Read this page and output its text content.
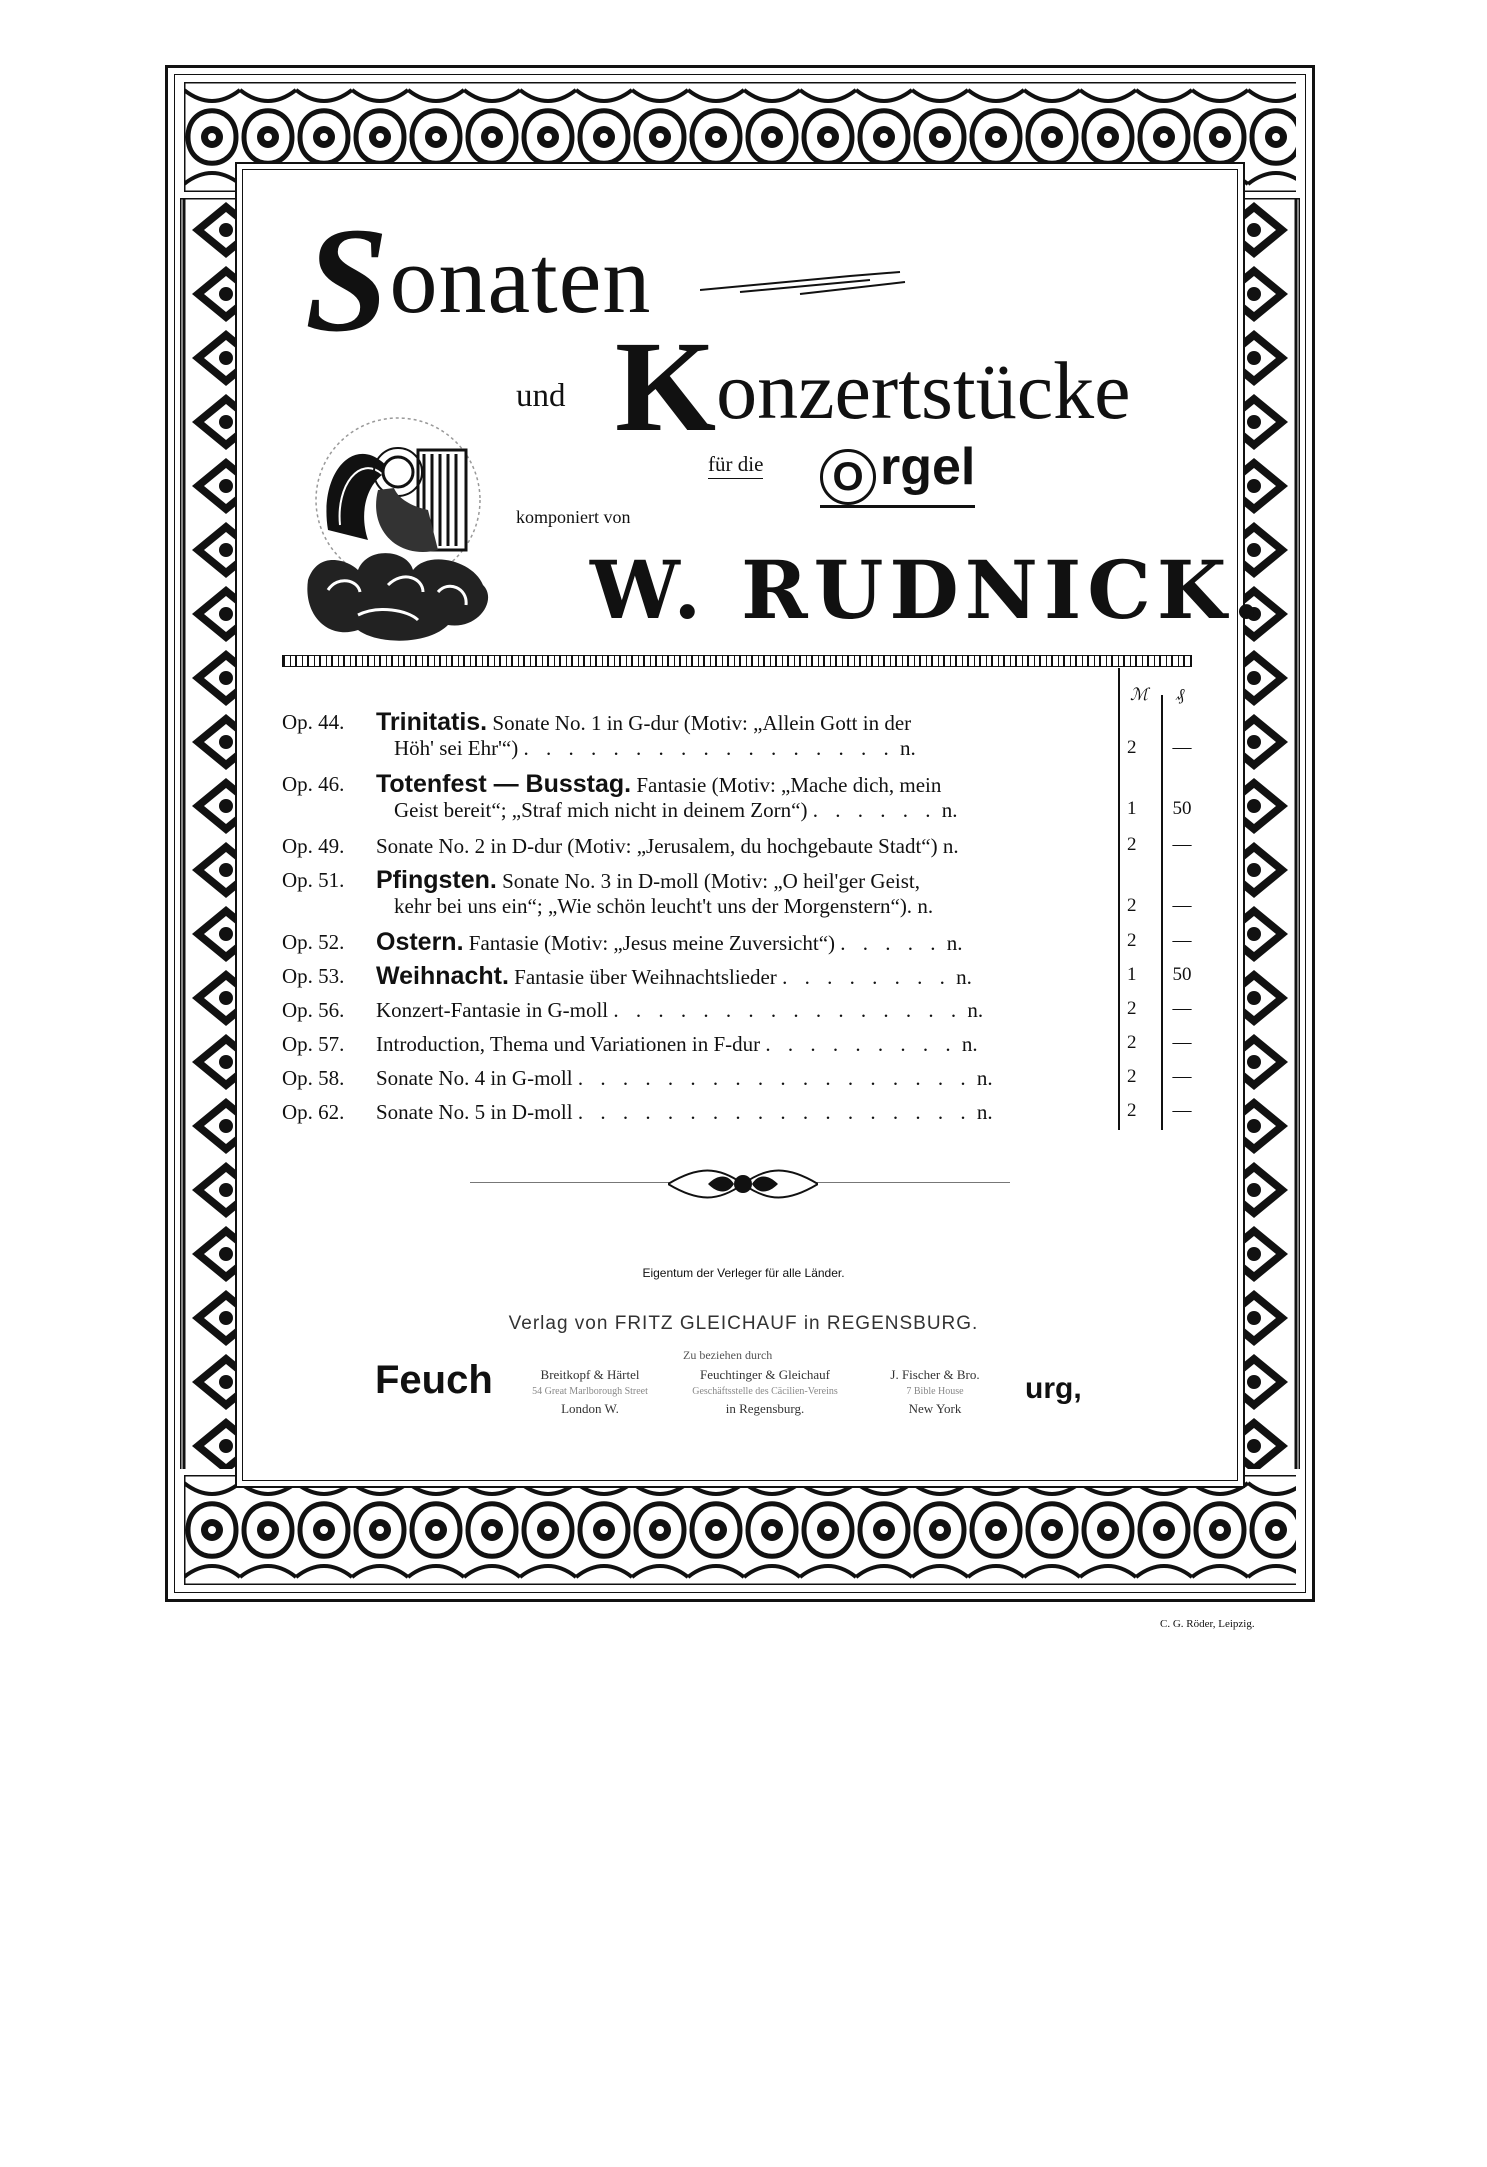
Sonaten
und Konzertstücke
für die	O rgel
komponiert von
W. RUDNICK.
ℳ ₰
Op. 44.	Trinitatis. Sonate No. 1 in G-dur (Motiv: „Allein Gott in der
Höh' sei Ehr'“) . . . . . . . . . . . . . . . . . n.	2	—
Op. 46.	Totenfest — Busstag. Fantasie (Motiv: „Mache dich, mein
Geist bereit“; „Straf mich nicht in deinem Zorn“) . . . . . . n.	1	50
Op. 49.	Sonate No. 2 in D-dur (Motiv: „Jerusalem, du hochgebaute Stadt“) n.	2	—
Op. 51.	Pfingsten. Sonate No. 3 in D-moll (Motiv: „O heil'ger Geist,
kehr bei uns ein“; „Wie schön leucht't uns der Morgenstern“). n.	2	—
Op. 52.	Ostern. Fantasie (Motiv: „Jesus meine Zuversicht“) . . . . . n.	2	—
Op. 53.	Weihnacht. Fantasie über Weihnachtslieder . . . . . . . . n.	1	50
Op. 56.	Konzert-Fantasie in G-moll . . . . . . . . . . . . . . . . n.	2	—
Op. 57.	Introduction, Thema und Variationen in F-dur . . . . . . . . . n.	2	—
Op. 58.	Sonate No. 4 in G-moll . . . . . . . . . . . . . . . . . . n.	2	—
Op. 62.	Sonate No. 5 in D-moll . . . . . . . . . . . . . . . . . . n.	2	—
Eigentum der Verleger für alle Länder.
Verlag von FRITZ GLEICHAUF in REGENSBURG.
Zu beziehen durch
Feuch	urg,
Breitkopf & Härtel
54 Great Marlborough Street
London W.
Feuchtinger & Gleichauf
Geschäftsstelle des Cäcilien-Vereins
in Regensburg.
J. Fischer & Bro.
7 Bible House
New York
C. G. Röder, Leipzig.
